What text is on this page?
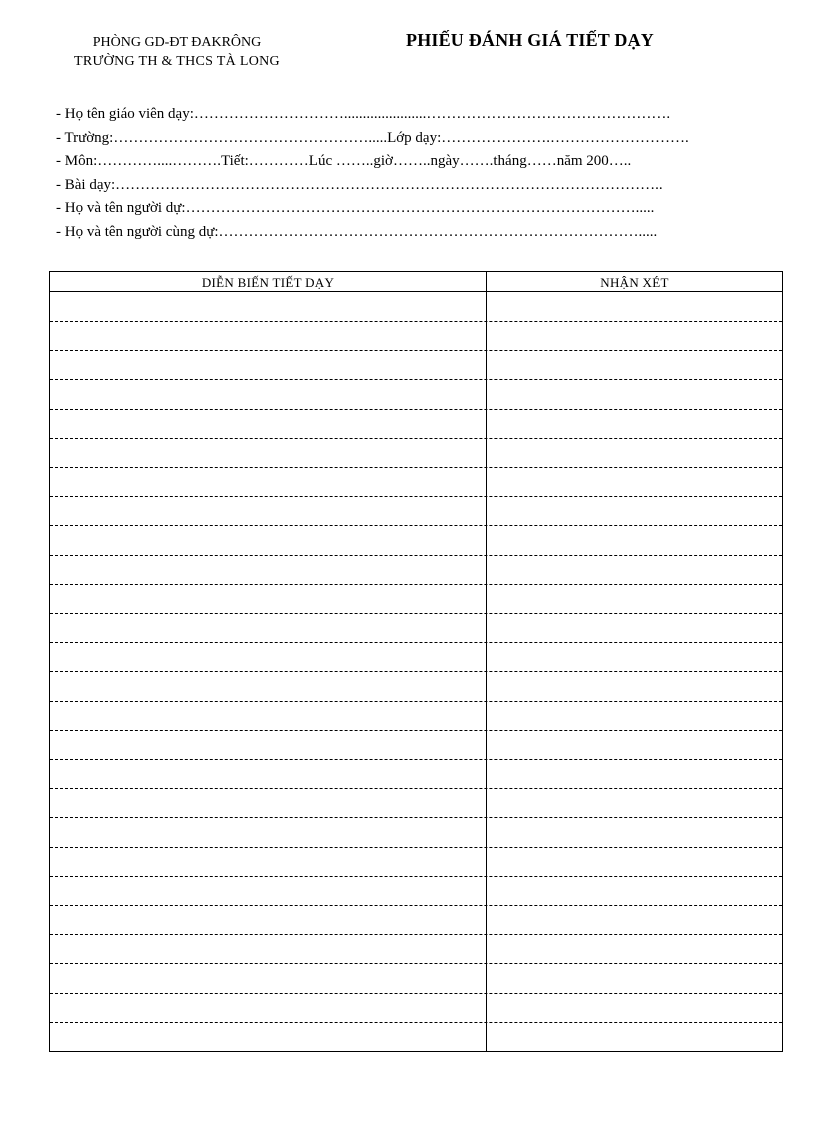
PHÒNG GD-ĐT ĐAKRÔNG
TRƯỜNG TH & THCS TÀ LONG
PHIẾU ĐÁNH GIÁ TIẾT DẠY
- Họ tên giáo viên dạy:…………………………......................………………………………………….
- Trường:…………………………………………….....Lớp dạy:………………….……………………….
- Môn:…………....……….Tiết:…………Lúc ……..giờ……..ngày…….tháng……năm 200…..
- Bài dạy:………………………………………………………………………………………………..
- Họ và tên người dự:……………………………………………………………………………….....
- Họ và tên người cùng dự:………………………………………………………………………….....
DIỄN BIẾN TIẾT DẠY	NHẬN XÉT
